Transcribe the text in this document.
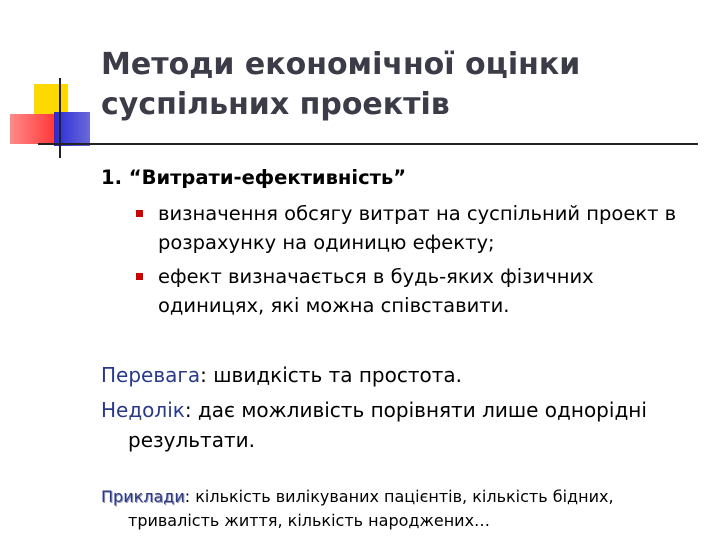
Методи економічної оцінки суспільних проектів
1. “Витрати-ефективність”
визначення обсягу витрат на суспільний проект в розрахунку на одиницю ефекту;
ефект визначається в будь-яких фізичних одиницях, які можна співставити.
Перевага: швидкість та простота.
Недолік: дає можливість порівняти лише однорідні
результати.
Приклади: кількість вилікуваних пацієнтів, кількість бідних,
тривалість життя, кількість народжених…
